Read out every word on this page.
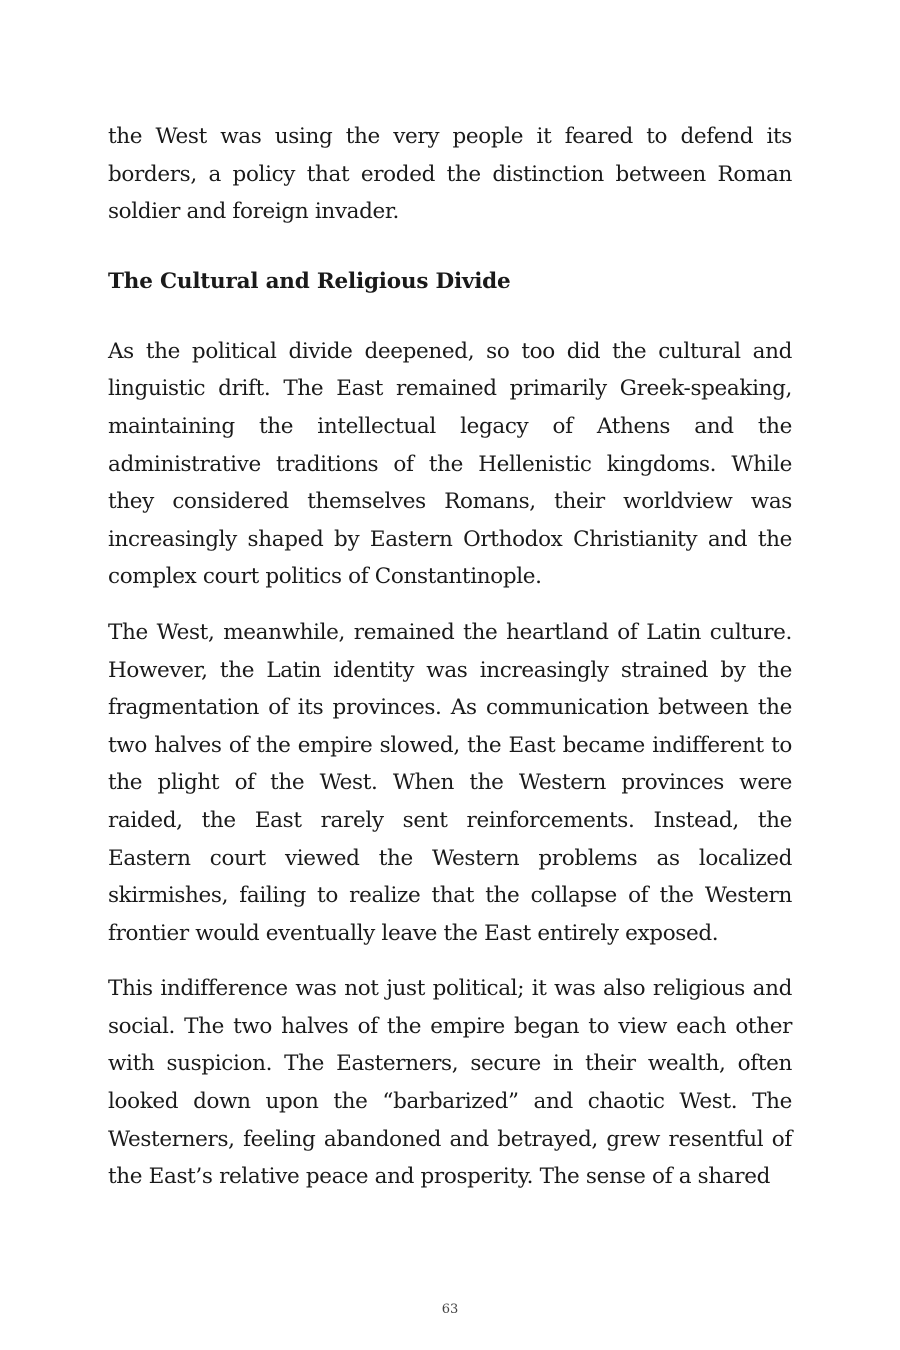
the West was using the very people it feared to defend its borders, a policy that eroded the distinction between Roman soldier and foreign invader.

The Cultural and Religious Divide

As the political divide deepened, so too did the cultural and linguistic drift. The East remained primarily Greek-speaking, maintaining the intellectual legacy of Athens and the administrative traditions of the Hellenistic kingdoms. While they considered themselves Romans, their worldview was increasingly shaped by Eastern Orthodox Christianity and the complex court politics of Constantinople.

The West, meanwhile, remained the heartland of Latin culture. However, the Latin identity was increasingly strained by the fragmentation of its provinces. As communication between the two halves of the empire slowed, the East became indifferent to the plight of the West. When the Western provinces were raided, the East rarely sent reinforcements. Instead, the Eastern court viewed the Western problems as localized skirmishes, failing to realize that the collapse of the Western frontier would eventually leave the East entirely exposed.

This indifference was not just political; it was also religious and social. The two halves of the empire began to view each other with suspicion. The Easterners, secure in their wealth, often looked down upon the “barbarized” and chaotic West. The Westerners, feeling abandoned and betrayed, grew resentful of the East’s relative peace and prosperity. The sense of a shared

63
